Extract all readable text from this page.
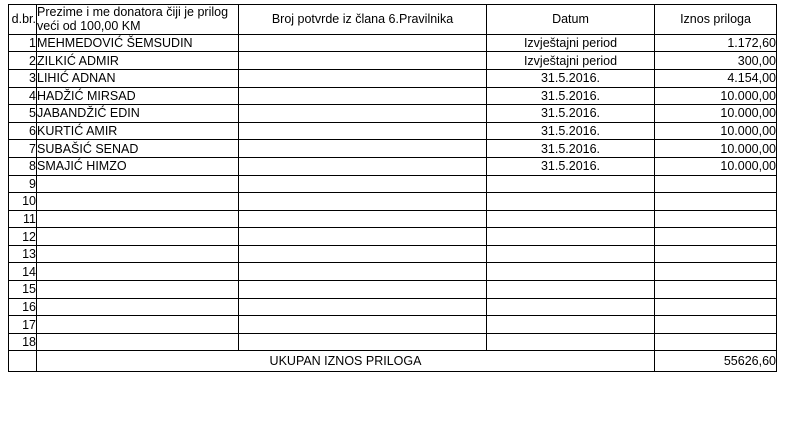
d.br.	Prezime i me donatora čiji je prilog veći od 100,00 KM	Broj potvrde iz člana 6.Pravilnika	Datum	Iznos priloga
1	MEHMEDOVIĆ ŠEMSUDIN		Izvještajni period	1.172,60
2	ZILKIĆ ADMIR		Izvještajni period	300,00
3	LIHIĆ ADNAN		31.5.2016.	4.154,00
4	HADŽIĆ MIRSAD		31.5.2016.	10.000,00
5	JABANDŽIĆ EDIN		31.5.2016.	10.000,00
6	KURTIĆ AMIR		31.5.2016.	10.000,00
7	SUBAŠIĆ SENAD		31.5.2016.	10.000,00
8	SMAJIĆ HIMZO		31.5.2016.	10.000,00
9				
10				
11				
12				
13				
14				
15				
16				
17				
18				
	UKUPAN IZNOS PRILOGA			55626,60
